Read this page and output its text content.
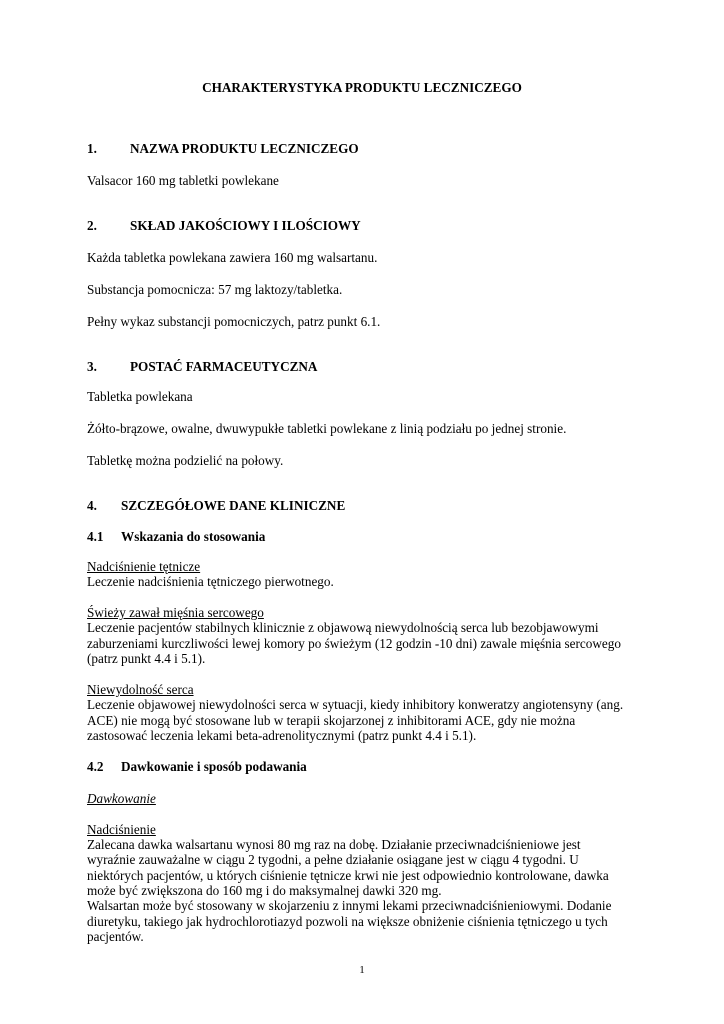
CHARAKTERYSTYKA PRODUKTU LECZNICZEGO
1.	NAZWA PRODUKTU LECZNICZEGO
Valsacor 160 mg tabletki powlekane
2.	SKŁAD JAKOŚCIOWY I ILOŚCIOWY
Każda tabletka powlekana zawiera 160 mg walsartanu.
Substancja pomocnicza: 57 mg laktozy/tabletka.
Pełny wykaz substancji pomocniczych, patrz punkt 6.1.
3.	POSTAĆ FARMACEUTYCZNA
Tabletka powlekana
Żółto-brązowe, owalne, dwuwypukłe tabletki powlekane z linią podziału po jednej stronie.
Tabletkę można podzielić na połowy.
4. SZCZEGÓŁOWE DANE KLINICZNE
4.1 Wskazania do stosowania
Nadciśnienie tętnicze
Leczenie nadciśnienia tętniczego pierwotnego.
Świeży zawał mięśnia sercowego
Leczenie pacjentów stabilnych klinicznie z objawową niewydolnością serca lub bezobjawowymi
zaburzeniami kurczliwości lewej komory po świeżym (12 godzin -10 dni) zawale mięśnia sercowego
(patrz punkt 4.4 i 5.1).
Niewydolność serca
Leczenie objawowej niewydolności serca w sytuacji, kiedy inhibitory konweratzy angiotensyny (ang.
ACE) nie mogą być stosowane lub w terapii skojarzonej z inhibitorami ACE, gdy nie można
zastosować leczenia lekami beta-adrenolitycznymi (patrz punkt 4.4 i 5.1).
4.2 Dawkowanie i sposób podawania
Dawkowanie
Nadciśnienie
Zalecana dawka walsartanu wynosi 80 mg raz na dobę. Działanie przeciwnadciśnieniowe jest
wyraźnie zauważalne w ciągu 2 tygodni, a pełne działanie osiągane jest w ciągu 4 tygodni. U
niektórych pacjentów, u których ciśnienie tętnicze krwi nie jest odpowiednio kontrolowane, dawka
może być zwiększona do 160 mg i do maksymalnej dawki 320 mg.
Walsartan może być stosowany w skojarzeniu z innymi lekami przeciwnadciśnieniowymi. Dodanie
diuretyku, takiego jak hydrochlorotiazyd pozwoli na większe obniżenie ciśnienia tętniczego u tych
pacjentów.
1
